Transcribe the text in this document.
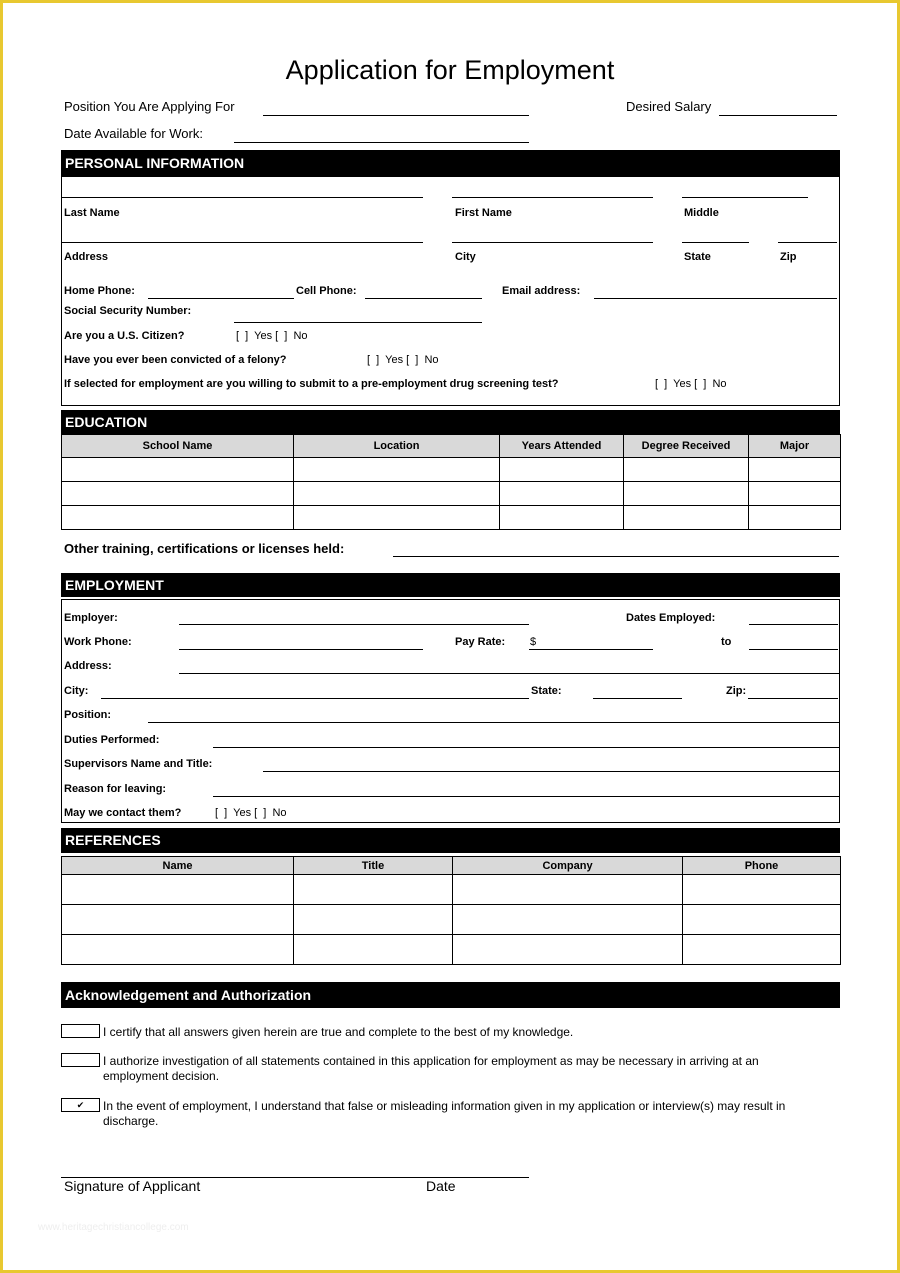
Application for Employment
Position You Are Applying For	Desired Salary
Date Available for Work:
PERSONAL INFORMATION
Last Name	First Name	Middle
Address	City	State	Zip
Home Phone:	Cell Phone:	Email address:
Social Security Number:
Are you a U.S. Citizen?	[  ]  Yes [  ]  No
Have you ever been convicted of a felony?	[  ]  Yes [  ]  No
If selected for employment are you willing to submit to a pre-employment drug screening test?	[  ]  Yes [  ]  No
EDUCATION
School Name	Location	Years Attended	Degree Received	Major

Other training, certifications or licenses held:
EMPLOYMENT
Employer:	Dates Employed:
Work Phone:	Pay Rate: $	to
Address:
City:	State:	Zip:
Position:
Duties Performed:
Supervisors Name and Title:
Reason for leaving:
May we contact them?	[  ]  Yes [  ]  No
REFERENCES
Name	Title	Company	Phone

Acknowledgement and Authorization
I certify that all answers given herein are true and complete to the best of my knowledge.
I authorize investigation of all statements contained in this application for employment as may be necessary in arriving at an employment decision.
✔	In the event of employment, I understand that false or misleading information given in my application or interview(s) may result in discharge.
Signature of Applicant	Date
www.heritagechristiancollege.com
